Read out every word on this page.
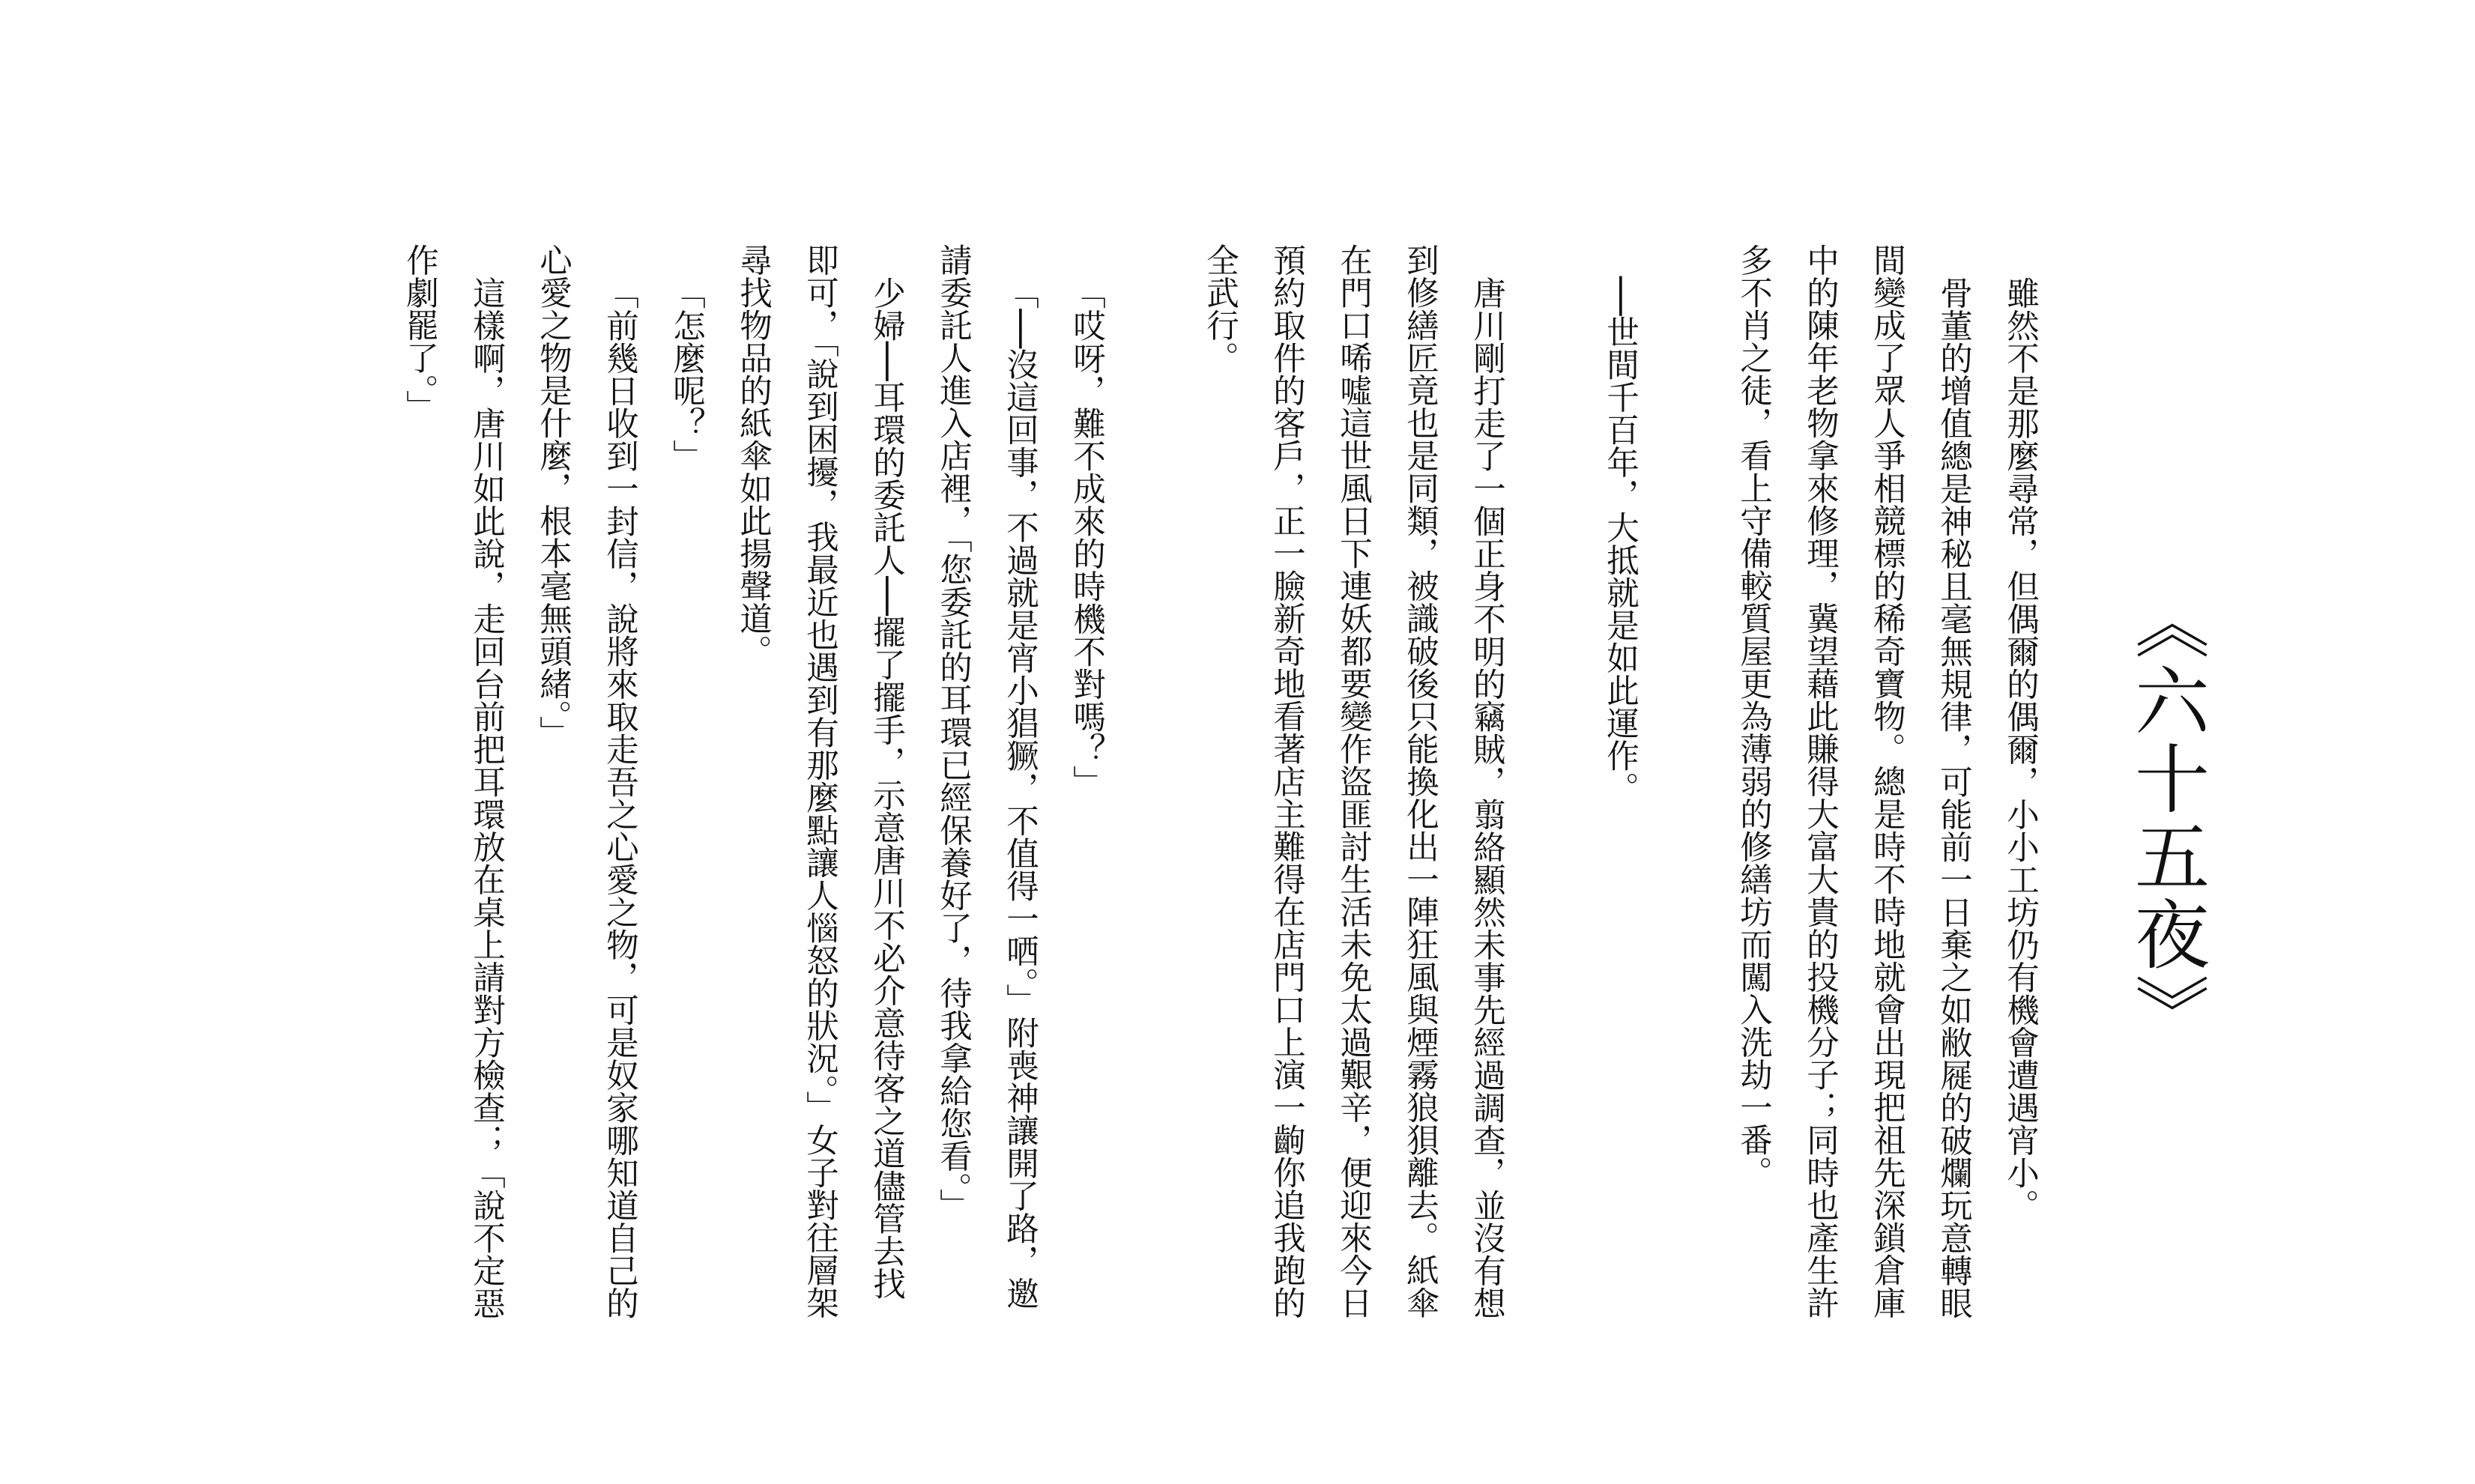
《六十五夜》

雖然不是那麼尋常，但偶爾的偶爾，小小工坊仍有機會遭遇宵小。

骨董的增值總是神秘且毫無規律，可能前一日棄之如敝屣的破爛玩意轉眼間變成了眾人爭相競標的稀奇寶物。總是時不時地就會出現把祖先深鎖倉庫中的陳年老物拿來修理，冀望藉此賺得大富大貴的投機分子；同時也產生許多不肖之徒，看上守備較質屋更為薄弱的修繕坊而闖入洗劫一番。

──世間千百年，大抵就是如此運作。

唐川剛打走了一個正身不明的竊賊，翦絡顯然未事先經過調查，並沒有想到修繕匠竟也是同類，被識破後只能換化出一陣狂風與煙霧狼狽離去。紙傘在門口唏噓這世風日下連妖都要變作盜匪討生活未免太過艱辛，便迎來今日預約取件的客戶，正一臉新奇地看著店主難得在店門口上演一齣你追我跑的全武行。

「哎呀，難不成來的時機不對嗎？」

「──沒這回事，不過就是宵小猖獗，不值得一哂。」附喪神讓開了路，邀請委託人進入店裡，「您委託的耳環已經保養好了，待我拿給您看。」

少婦──耳環的委託人──擺了擺手，示意唐川不必介意待客之道儘管去找即可，「說到困擾，我最近也遇到有那麼點讓人惱怒的狀況。」女子對往層架尋找物品的紙傘如此揚聲道。

「怎麼呢？」

「前幾日收到一封信，說將來取走吾之心愛之物，可是奴家哪知道自己的心愛之物是什麼，根本毫無頭緒。」

這樣啊，唐川如此說，走回台前把耳環放在桌上請對方檢查；「說不定惡作劇罷了。」
